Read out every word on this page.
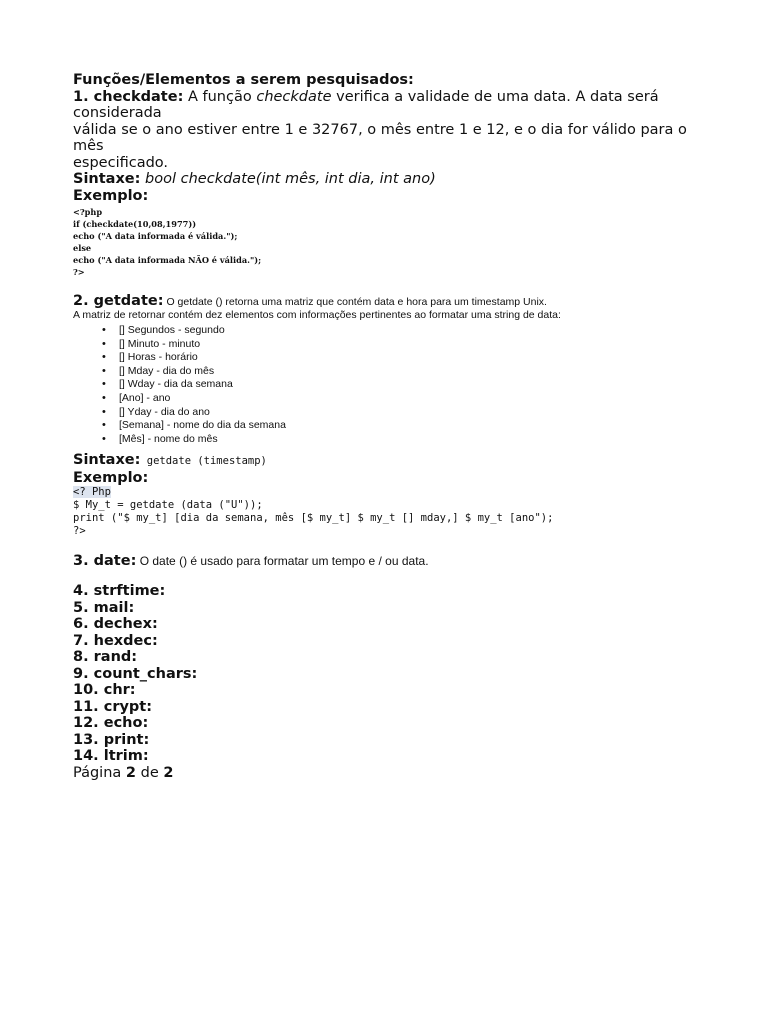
Funções/Elementos a serem pesquisados:
1. checkdate: A função checkdate verifica a validade de uma data. A data será
considerada
válida se o ano estiver entre 1 e 32767, o mês entre 1 e 12, e o dia for válido para o
mês
especificado.
Sintaxe: bool checkdate(int mês, int dia, int ano)
Exemplo:
<?php
if (checkdate(10,08,1977))
echo ("A data informada é válida.");
else
echo ("A data informada NÃO é válida.");
?>
2. getdate: O getdate () retorna uma matriz que contém data e hora para um timestamp Unix.
A matriz de retornar contém dez elementos com informações pertinentes ao formatar uma string de data:
• [] Segundos - segundo
• [] Minuto - minuto
• [] Horas - horário
• [] Mday - dia do mês
• [] Wday - dia da semana
• [Ano] - ano
• [] Yday - dia do ano
• [Semana] - nome do dia da semana
• [Mês] - nome do mês
Sintaxe: getdate (timestamp)
Exemplo:
<? Php
$ My_t = getdate (data ("U"));
print ("$ my_t] [dia da semana, mês [$ my_t] $ my_t [] mday,] $ my_t [ano");
?>
3. date: O date () é usado para formatar um tempo e / ou data.
4. strftime:
5. mail:
6. dechex:
7. hexdec:
8. rand:
9. count_chars:
10. chr:
11. crypt:
12. echo:
13. print:
14. ltrim:
Página 2 de 2
